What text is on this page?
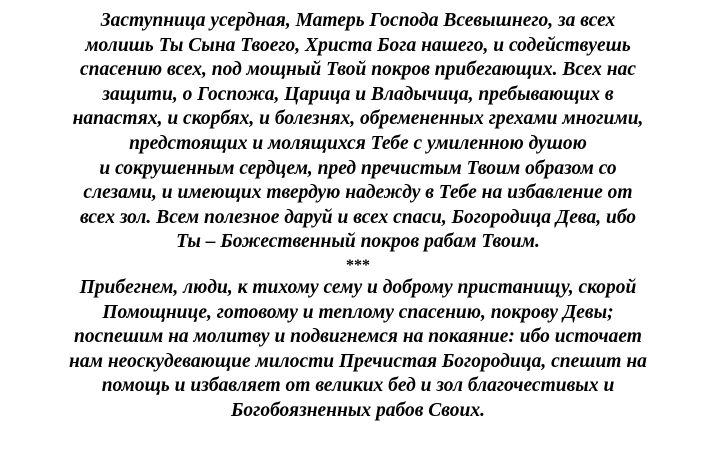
Заступница усердная, Матерь Господа Всевышнего, за всех
молишь Ты Сына Твоего, Христа Бога нашего, и содействуешь
спасению всех, под мощный Твой покров прибегающих. Всех нас
защити, о Госпожа, Царица и Владычица, пребывающих в
напастях, и скорбях, и болезнях, обремененных грехами многими,
предстоящих и молящихся Тебе с умиленною душою
и сокрушенным сердцем, пред пречистым Твоим образом со
слезами, и имеющих твердую надежду в Тебе на избавление от
всех зол. Всем полезное даруй и всех спаси, Богородица Дева, ибо
Ты – Божественный покров рабам Твоим.
***
Прибегнем, люди, к тихому сему и доброму пристанищу, скорой
Помощнице, готовому и теплому спасению, покрову Девы;
поспешим на молитву и подвигнемся на покаяние: ибо источает
нам неоскудевающие милости Пречистая Богородица, спешит на
помощь и избавляет от великих бед и зол благочестивых и
Богобоязненных рабов Своих.
